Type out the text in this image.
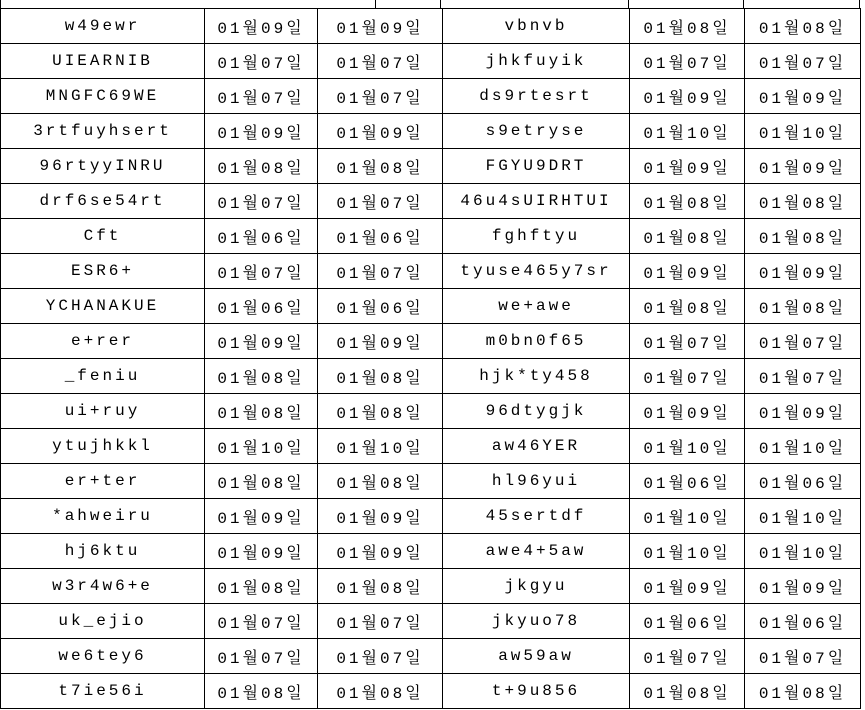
w49ewr	01월09일	01월09일	vbnvb	01월08일	01월08일
UIEARNIB	01월07일	01월07일	jhkfuyik	01월07일	01월07일
MNGFC69WE	01월07일	01월07일	ds9rtesrt	01월09일	01월09일
3rtfuyhsert	01월09일	01월09일	s9etryse	01월10일	01월10일
96rtyyINRU	01월08일	01월08일	FGYU9DRT	01월09일	01월09일
drf6se54rt	01월07일	01월07일	46u4sUIRHTUI	01월08일	01월08일
Cft	01월06일	01월06일	fghftyu	01월08일	01월08일
ESR6+	01월07일	01월07일	tyuse465y7sr	01월09일	01월09일
YCHANAKUE	01월06일	01월06일	we+awe	01월08일	01월08일
e+rer	01월09일	01월09일	m0bn0f65	01월07일	01월07일
_feniu	01월08일	01월08일	hjk*ty458	01월07일	01월07일
ui+ruy	01월08일	01월08일	96dtygjk	01월09일	01월09일
ytujhkkl	01월10일	01월10일	aw46YER	01월10일	01월10일
er+ter	01월08일	01월08일	hl96yui	01월06일	01월06일
*ahweiru	01월09일	01월09일	45sertdf	01월10일	01월10일
hj6ktu	01월09일	01월09일	awe4+5aw	01월10일	01월10일
w3r4w6+e	01월08일	01월08일	jkgyu	01월09일	01월09일
uk_ejio	01월07일	01월07일	jkyuo78	01월06일	01월06일
we6tey6	01월07일	01월07일	aw59aw	01월07일	01월07일
t7ie56i	01월08일	01월08일	t+9u856	01월08일	01월08일
